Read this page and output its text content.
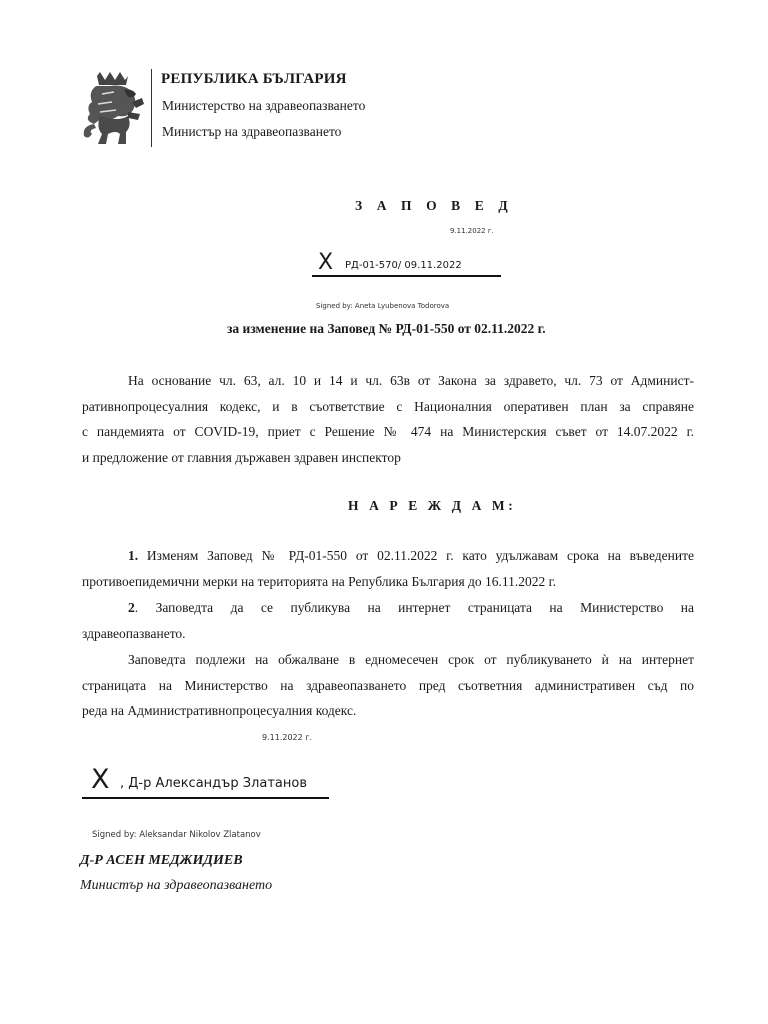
РЕПУБЛИКА БЪЛГАРИЯ
Министерство на здравеопазването
Министър на здравеопазването
З А П О В Е Д
9.11.2022 г.
X РД-01-570/ 09.11.2022
Signed by: Aneta Lyubenova Todorova
за изменение на Заповед № РД-01-550 от 02.11.2022 г.
На основание чл. 63, ал. 10 и 14 и чл. 63в от Закона за здравето, чл. 73 от Админист-
ративнопроцесуалния кодекс, и в съответствие с Националния оперативен план за справяне
с пандемията от COVID-19, приет с Решение № 474 на Министерския съвет от 14.07.2022 г.
и предложение от главния държавен здравен инспектор
Н А Р Е Ж Д А М:
1. Изменям Заповед № РД-01-550 от 02.11.2022 г. като удължавам срока на въведените
противоепидемични мерки на територията на Република България до 16.11.2022 г.
2. Заповедта да се публикува на интернет страницата на Министерство на
здравеопазването.
Заповедта подлежи на обжалване в едномесечен срок от публикуването ѝ на интернет
страницата на Министерство на здравеопазването пред съответния административен съд по
реда на Административнопроцесуалния кодекс.
9.11.2022 г.
X , Д-р Александър Златанов
Signed by: Aleksandar Nikolov Zlatanov
Д-Р АСЕН МЕДЖИДИЕВ
Министър на здравеопазването
